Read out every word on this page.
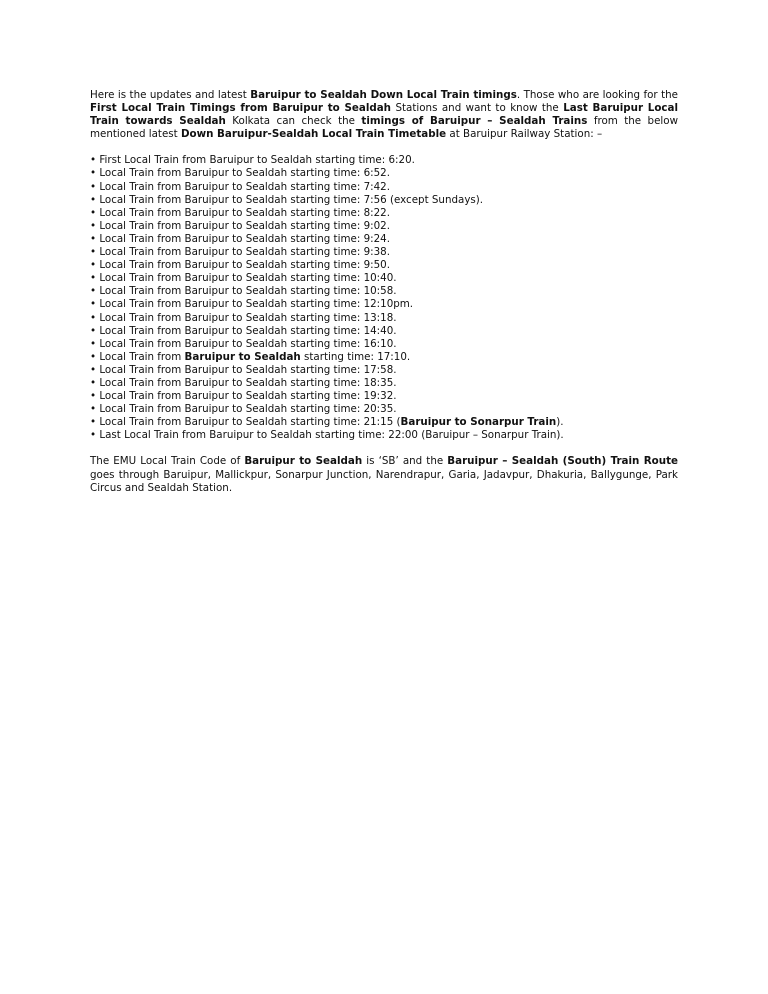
Here is the updates and latest Baruipur to Sealdah Down Local Train timings. Those who are looking for the First Local Train Timings from Baruipur to Sealdah Stations and want to know the Last Baruipur Local Train towards Sealdah Kolkata can check the timings of Baruipur – Sealdah Trains from the below mentioned latest Down Baruipur-Sealdah Local Train Timetable at Baruipur Railway Station: –

• First Local Train from Baruipur to Sealdah starting time: 6:20.
• Local Train from Baruipur to Sealdah starting time: 6:52.
• Local Train from Baruipur to Sealdah starting time: 7:42.
• Local Train from Baruipur to Sealdah starting time: 7:56 (except Sundays).
• Local Train from Baruipur to Sealdah starting time: 8:22.
• Local Train from Baruipur to Sealdah starting time: 9:02.
• Local Train from Baruipur to Sealdah starting time: 9:24.
• Local Train from Baruipur to Sealdah starting time: 9:38.
• Local Train from Baruipur to Sealdah starting time: 9:50.
• Local Train from Baruipur to Sealdah starting time: 10:40.
• Local Train from Baruipur to Sealdah starting time: 10:58.
• Local Train from Baruipur to Sealdah starting time: 12:10pm.
• Local Train from Baruipur to Sealdah starting time: 13:18.
• Local Train from Baruipur to Sealdah starting time: 14:40.
• Local Train from Baruipur to Sealdah starting time: 16:10.
• Local Train from Baruipur to Sealdah starting time: 17:10.
• Local Train from Baruipur to Sealdah starting time: 17:58.
• Local Train from Baruipur to Sealdah starting time: 18:35.
• Local Train from Baruipur to Sealdah starting time: 19:32.
• Local Train from Baruipur to Sealdah starting time: 20:35.
• Local Train from Baruipur to Sealdah starting time: 21:15 (Baruipur to Sonarpur Train).
• Last Local Train from Baruipur to Sealdah starting time: 22:00 (Baruipur – Sonarpur Train).

The EMU Local Train Code of Baruipur to Sealdah is ‘SB’ and the Baruipur – Sealdah (South) Train Route goes through Baruipur, Mallickpur, Sonarpur Junction, Narendrapur, Garia, Jadavpur, Dhakuria, Ballygunge, Park Circus and Sealdah Station.
